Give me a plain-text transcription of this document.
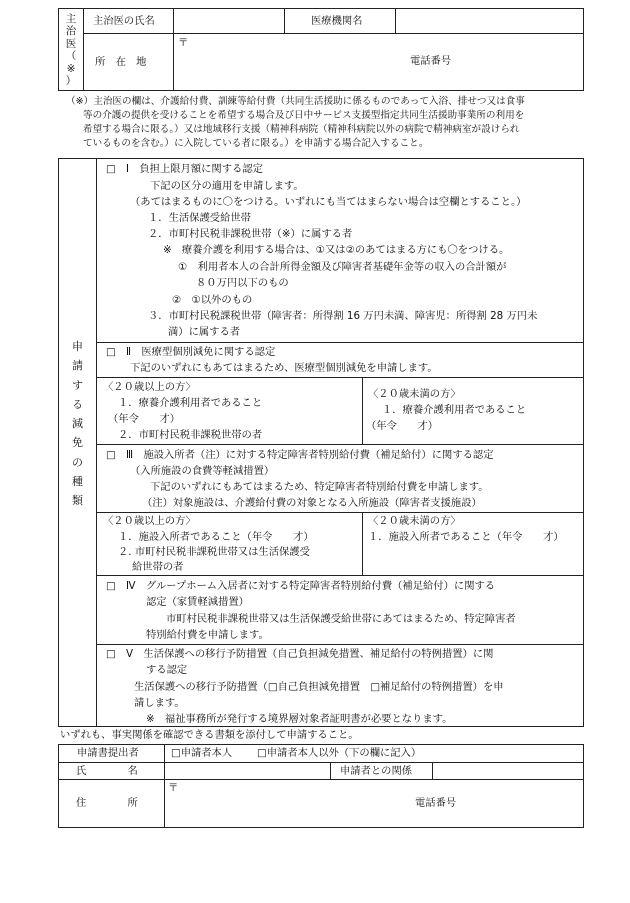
主
治
医
（
※
）
主治医の氏名	医療機関名
所　在　地
〒
電話番号
（※）主治医の欄は、介護給付費、訓練等給付費（共同生活援助に係るものであって入浴、排せつ又は食事
等の介護の提供を受けることを希望する場合及び日中サービス支援型指定共同生活援助事業所の利用を
希望する場合に限る。）又は地域移行支援（精神科病院（精神科病院以外の病院で精神病室が設けられ
ているものを含む。）に入院している者に限る。）を申請する場合記入すること。
申
請
す
る
減
免
の
種
類
□　Ⅰ　負担上限月額に関する認定
下記の区分の適用を申請します。
（あてはまるものに〇をつける。いずれにも当てはまらない場合は空欄とすること。）
１．生活保護受給世帯
２．市町村民税非課税世帯（※）に属する者
※　療養介護を利用する場合は、①又は②のあてはまる方にも〇をつける。
①　利用者本人の合計所得金額及び障害者基礎年金等の収入の合計額が
８０万円以下のもの
②　①以外のもの
３．市町村民税課税世帯（障害者：所得割 16 万円未満、障害児：所得割 28 万円未
満）に属する者
□　Ⅱ　医療型個別減免に関する認定
下記のいずれにもあてはまるため、医療型個別減免を申請します。
〈２０歳以上の方〉
１．療養介護利用者であること
（年令　　才）
２．市町村民税非課税世帯の者
〈２０歳未満の方〉
１．療養介護利用者であること
（年令　　才）
□　Ⅲ　施設入所者（注）に対する特定障害者特別給付費（補足給付）に関する認定
（入所施設の食費等軽減措置）
下記のいずれにもあてはまるため、特定障害者特別給付費を申請します。
（注）対象施設は、介護給付費の対象となる入所施設（障害者支援施設）
〈２０歳以上の方〉
１．施設入所者であること（年令　　才）
２. 市町村民税非課税世帯又は生活保護受
給世帯の者
〈２０歳未満の方〉
１．施設入所者であること（年令　　才）
□　Ⅳ　グループホーム入居者に対する特定障害者特別給付費（補足給付）に関する
認定（家賃軽減措置）
市町村民税非課税世帯又は生活保護受給世帯にあてはまるため、特定障害者
特別給付費を申請します。
□　Ⅴ　生活保護への移行予防措置（自己負担減免措置、補足給付の特例措置）に関
する認定
生活保護への移行予防措置（□自己負担減免措置　□補足給付の特例措置）を申
請します。
※　福祉事務所が発行する境界層対象者証明書が必要となります。
いずれも、事実関係を確認できる書類を添付して申請すること。
申請書提出者	□申請者本人 □申請者本人以外（下の欄に記入）
氏　　　　名	申請者との関係
住　　　　所
〒
電話番号
